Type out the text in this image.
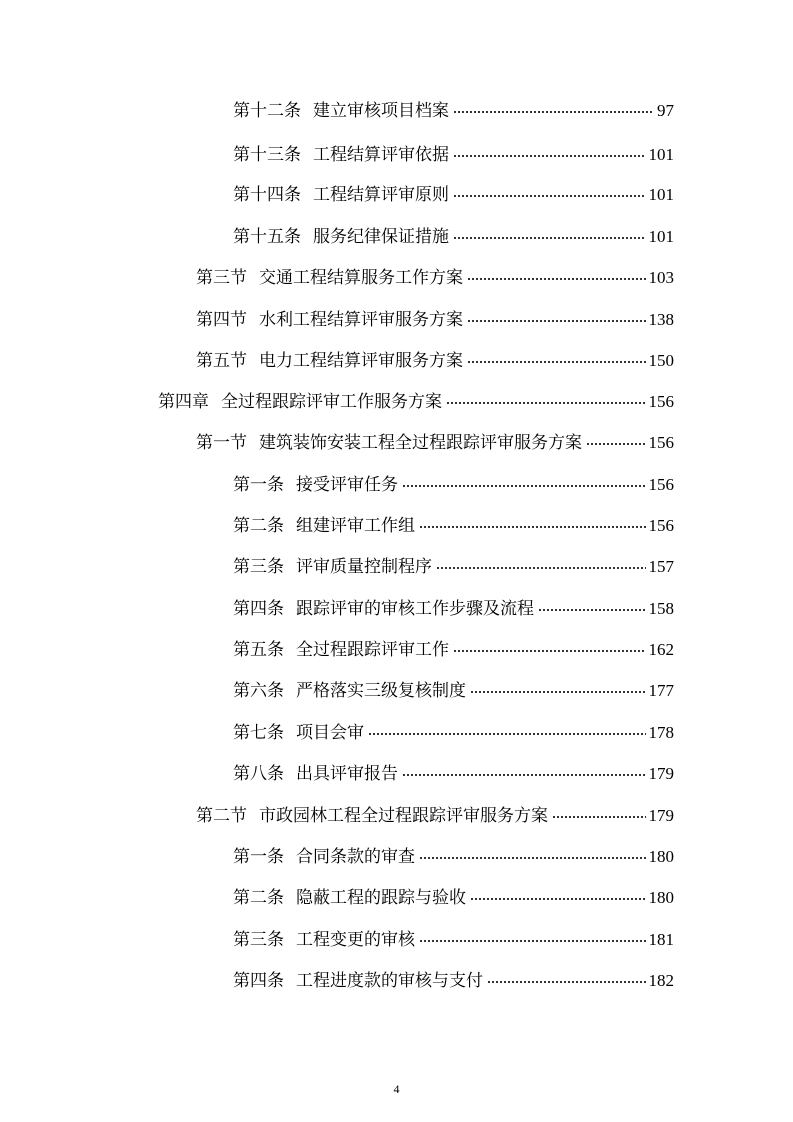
第十二条 建立审核项目档案	97
第十三条 工程结算评审依据	101
第十四条 工程结算评审原则	101
第十五条 服务纪律保证措施	101
第三节 交通工程结算服务工作方案	103
第四节 水利工程结算评审服务方案	138
第五节 电力工程结算评审服务方案	150
第四章 全过程跟踪评审工作服务方案	156
第一节 建筑装饰安装工程全过程跟踪评审服务方案	156
第一条 接受评审任务	156
第二条 组建评审工作组	156
第三条 评审质量控制程序	157
第四条 跟踪评审的审核工作步骤及流程	158
第五条 全过程跟踪评审工作	162
第六条 严格落实三级复核制度	177
第七条 项目会审	178
第八条 出具评审报告	179
第二节 市政园林工程全过程跟踪评审服务方案	179
第一条 合同条款的审查	180
第二条 隐蔽工程的跟踪与验收	180
第三条 工程变更的审核	181
第四条 工程进度款的审核与支付	182
4
